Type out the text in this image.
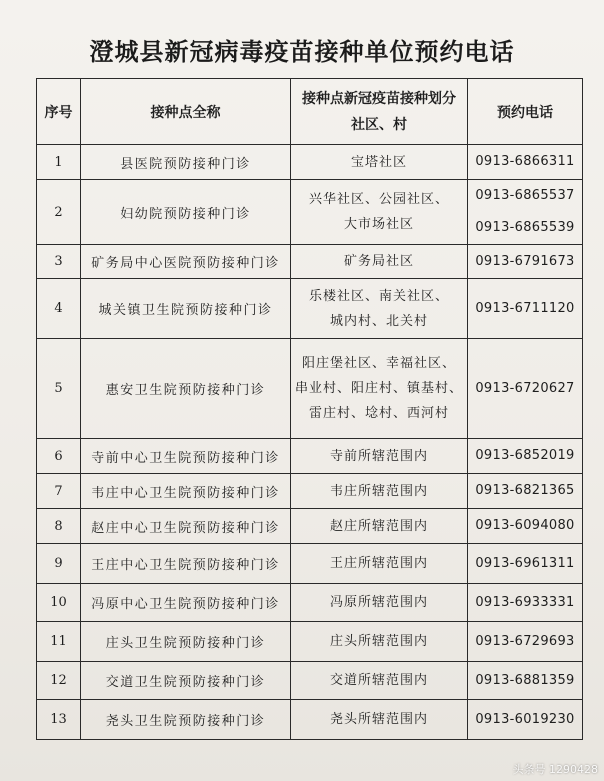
澄城县新冠病毒疫苗接种单位预约电话
序号	接种点全称	接种点新冠疫苗接种划分
社区、村	预约电话
1	县医院预防接种门诊	宝塔社区	0913-6866311

2	妇幼院预防接种门诊	兴华社区、公园社区、
大市场社区	0913-6865537
0913-6865539

3	矿务局中心医院预防接种门诊	矿务局社区	0913-6791673

4	城关镇卫生院预防接种门诊	乐楼社区、南关社区、
城内村、北关村	0913-6711120

5	惠安卫生院预防接种门诊	阳庄堡社区、幸福社区、
串业村、阳庄村、镇基村、
雷庄村、埝村、西河村	0913-6720627

6	寺前中心卫生院预防接种门诊	寺前所辖范围内	0913-6852019

7	韦庄中心卫生院预防接种门诊	韦庄所辖范围内	0913-6821365

8	赵庄中心卫生院预防接种门诊	赵庄所辖范围内	0913-6094080

9	王庄中心卫生院预防接种门诊	王庄所辖范围内	0913-6961311

10	冯原中心卫生院预防接种门诊	冯原所辖范围内	0913-6933331

11	庄头卫生院预防接种门诊	庄头所辖范围内	0913-6729693

12	交道卫生院预防接种门诊	交道所辖范围内	0913-6881359

13	尧头卫生院预防接种门诊	尧头所辖范围内	0913-6019230
头条号 1290428
